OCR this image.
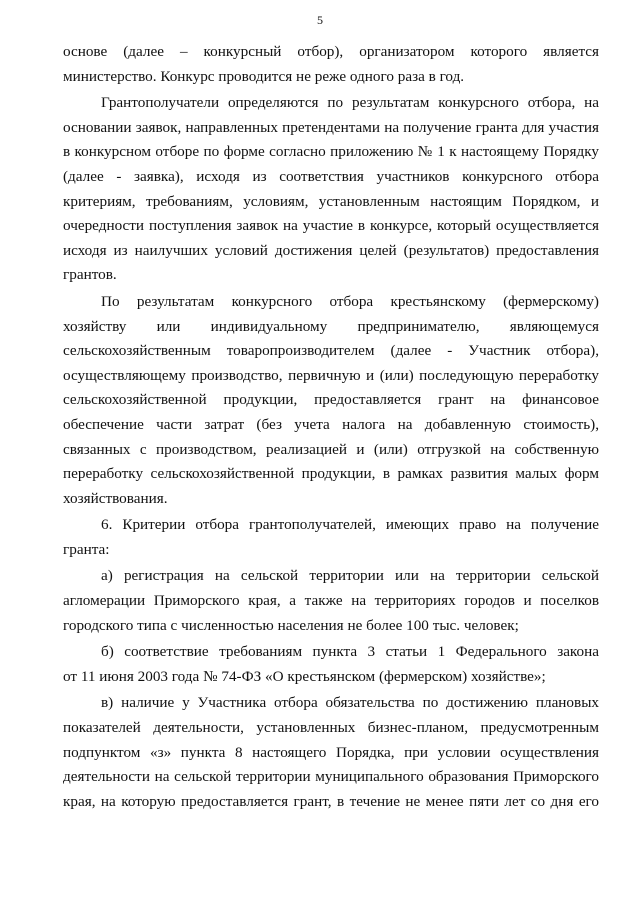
5
основе (далее – конкурсный отбор), организатором которого является
министерство. Конкурс проводится не реже одного раза в год.
Грантополучатели определяются по результатам конкурсного отбора, на
основании заявок, направленных претендентами на получение гранта для участия
в конкурсном отборе по форме согласно приложению № 1 к настоящему Порядку
(далее - заявка), исходя из соответствия участников конкурсного отбора
критериям, требованиям, условиям, установленным настоящим Порядком, и
очередности поступления заявок на участие в конкурсе, который осуществляется
исходя из наилучших условий достижения целей (результатов) предоставления
грантов.
По результатам конкурсного отбора крестьянскому (фермерскому)
хозяйству или индивидуальному предпринимателю, являющемуся
сельскохозяйственным товаропроизводителем (далее - Участник отбора),
осуществляющему производство, первичную и (или) последующую переработку
сельскохозяйственной продукции, предоставляется грант на финансовое
обеспечение части затрат (без учета налога на добавленную стоимость),
связанных с производством, реализацией и (или) отгрузкой на собственную
переработку сельскохозяйственной продукции, в рамках развития малых форм
хозяйствования.
6. Критерии отбора грантополучателей, имеющих право на получение
гранта:
а) регистрация на сельской территории или на территории сельской
агломерации Приморского края, а также на территориях городов и поселков
городского типа с численностью населения не более 100 тыс. человек;
б) соответствие требованиям пункта 3 статьи 1 Федерального закона
от 11 июня 2003 года № 74-ФЗ «О крестьянском (фермерском) хозяйстве»;
в) наличие у Участника отбора обязательства по достижению плановых
показателей деятельности, установленных бизнес-планом, предусмотренным
подпунктом «з» пункта 8 настоящего Порядка, при условии осуществления
деятельности на сельской территории муниципального образования Приморского
края, на которую предоставляется грант, в течение не менее пяти лет со дня его
